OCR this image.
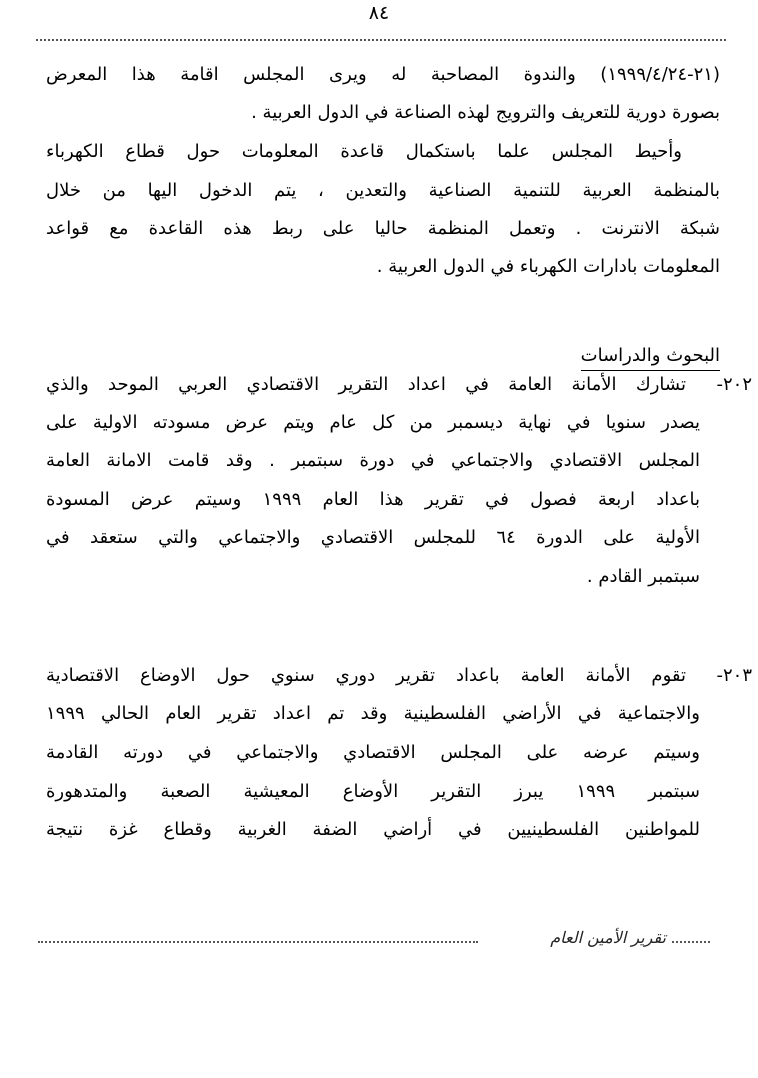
٨٤
(٢١-١٩٩٩/٤/٢٤) والندوة المصاحبة له ويرى المجلس اقامة هذا المعرض
بصورة دورية للتعريف والترويج لهذه الصناعة في الدول العربية .
وأحيط المجلس علما باستكمال قاعدة المعلومات حول قطاع الكهرباء
بالمنظمة العربية للتنمية الصناعية والتعدين ، يتم الدخول اليها من خلال
شبكة الانترنت . وتعمل المنظمة حاليا على ربط هذه القاعدة مع قواعد
المعلومات بادارات الكهرباء في الدول العربية .
البحوث والدراسات
٢٠٢-
تشارك الأمانة العامة في اعداد التقرير الاقتصادي العربي الموحد والذي
يصدر سنويا في نهاية ديسمبر من كل عام ويتم عرض مسودته الاولية على
المجلس الاقتصادي والاجتماعي في دورة سبتمبر . وقد قامت الامانة العامة
باعداد اربعة فصول في تقرير هذا العام ١٩٩٩ وسيتم عرض المسودة
الأولية على الدورة ٦٤ للمجلس الاقتصادي والاجتماعي والتي ستعقد في
سبتمبر القادم .
٢٠٣-
تقوم الأمانة العامة باعداد تقرير دوري سنوي حول الاوضاع الاقتصادية
والاجتماعية في الأراضي الفلسطينية وقد تم اعداد تقرير العام الحالي ١٩٩٩
وسيتم عرضه على المجلس الاقتصادي والاجتماعي في دورته القادمة
سبتمبر ١٩٩٩ يبرز التقرير الأوضاع المعيشية الصعبة والمتدهورة
للمواطنين الفلسطينيين في أراضي الضفة الغربية وقطاع غزة نتيجة
تقرير الأمين العام
